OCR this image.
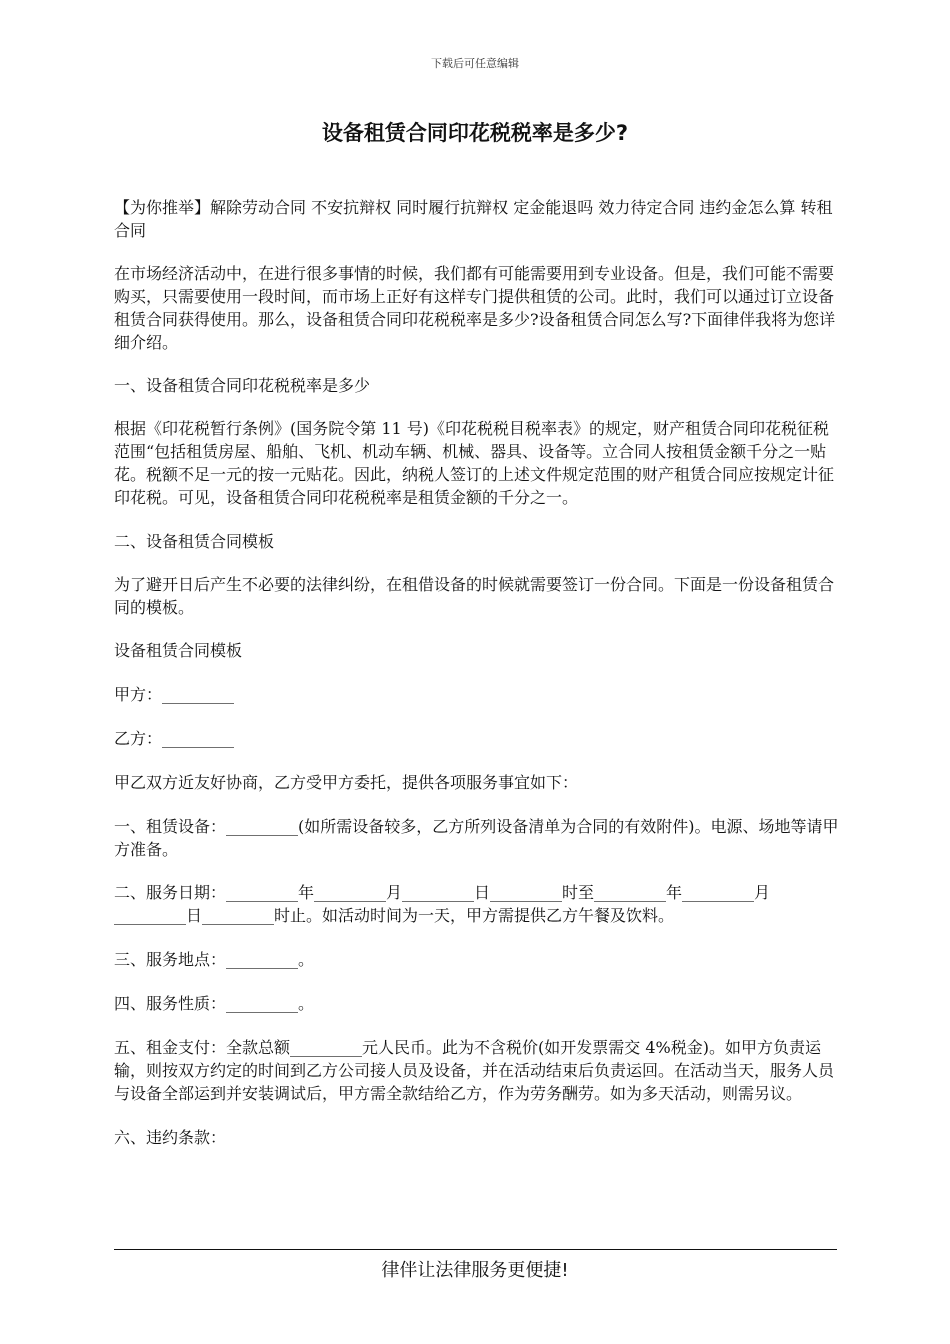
下载后可任意编辑
设备租赁合同印花税税率是多少?

【为你推举】解除劳动合同 不安抗辩权 同时履行抗辩权 定金能退吗 效力待定合同 违约金怎么算 转租合同

在市场经济活动中，在进行很多事情的时候，我们都有可能需要用到专业设备。但是，我们可能不需要购买，只需要使用一段时间，而市场上正好有这样专门提供租赁的公司。此时，我们可以通过订立设备租赁合同获得使用。那么，设备租赁合同印花税税率是多少?设备租赁合同怎么写?下面律伴我将为您详细介绍。

一、设备租赁合同印花税税率是多少

根据《印花税暂行条例》(国务院令第 11 号)《印花税税目税率表》的规定，财产租赁合同印花税征税范围“包括租赁房屋、船舶、飞机、机动车辆、机械、器具、设备等。立合同人按租赁金额千分之一贴花。税额不足一元的按一元贴花。因此，纳税人签订的上述文件规定范围的财产租赁合同应按规定计征印花税。可见，设备租赁合同印花税税率是租赁金额的千分之一。

二、设备租赁合同模板

为了避开日后产生不必要的法律纠纷，在租借设备的时候就需要签订一份合同。下面是一份设备租赁合同的模板。

设备租赁合同模板

甲方：_________

乙方：_________

甲乙双方近友好协商，乙方受甲方委托，提供各项服务事宜如下：

一、租赁设备：_________(如所需设备较多，乙方所列设备清单为合同的有效附件)。电源、场地等请甲方准备。

二、服务日期：_________年_________月_________日_________时至_________年_________月_________日_________时止。如活动时间为一天，甲方需提供乙方午餐及饮料。

三、服务地点：_________。

四、服务性质：_________。

五、租金支付：全款总额_________元人民币。此为不含税价(如开发票需交 4%税金)。如甲方负责运输，则按双方约定的时间到乙方公司接人员及设备，并在活动结束后负责运回。在活动当天，服务人员与设备全部运到并安装调试后，甲方需全款结给乙方，作为劳务酬劳。如为多天活动，则需另议。

六、违约条款：

律伴让法律服务更便捷!
